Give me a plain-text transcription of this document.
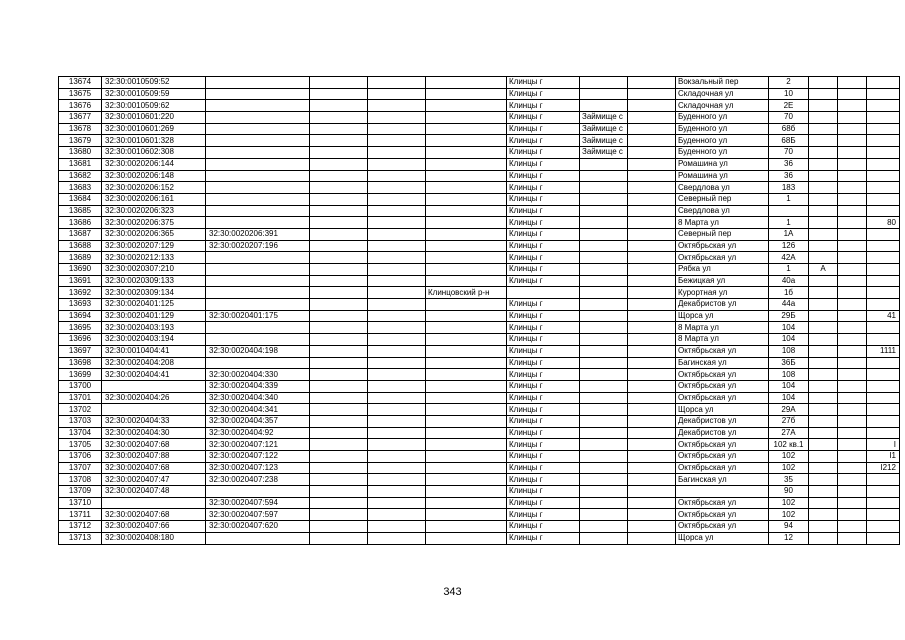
13674	32:30:0010509:52					Клинцы г			Вокзальный пер	2			
13675	32:30:0010509:59					Клинцы г			Складочная ул	10			
13676	32:30:0010509:62					Клинцы г			Складочная ул	2Е			
13677	32:30:0010601:220					Клинцы г	Займище с		Буденного ул	70			
13678	32:30:0010601:269					Клинцы г	Займище с		Буденного ул	68б			
13679	32:30:0010601:328					Клинцы г	Займище с		Буденного ул	68Б			
13680	32:30:0010602:308					Клинцы г	Займище с		Буденного ул	70			
13681	32:30:0020206:144					Клинцы г			Ромашина ул	36			
13682	32:30:0020206:148					Клинцы г			Ромашина ул	36			
13683	32:30:0020206:152					Клинцы г			Свердлова ул	183			
13684	32:30:0020206:161					Клинцы г			Северный пер	1			
13685	32:30:0020206:323					Клинцы г			Свердлова ул				
13686	32:30:0020206:375					Клинцы г			8 Марта ул	1			80
13687	32:30:0020206:365	32:30:0020206:391				Клинцы г			Северный пер	1А			
13688	32:30:0020207:129	32:30:0020207:196				Клинцы г			Октябрьская ул	126			
13689	32:30:0020212:133					Клинцы г			Октябрьская ул	42А			
13690	32:30:0020307:210					Клинцы г			Рябка ул	1	А		
13691	32:30:0020309:133					Клинцы г			Бежицкая ул	40а			
13692	32:30:0020309:134				Клинцовский р-н				Курортная ул	1б			
13693	32:30:0020401:125					Клинцы г			Декабристов ул	44а			
13694	32:30:0020401:129	32:30:0020401:175				Клинцы г			Щорса ул	29Б			41
13695	32:30:0020403:193					Клинцы г			8 Марта ул	104			
13696	32:30:0020403:194					Клинцы г			8 Марта ул	104			
13697	32:30:0010404:41	32:30:0020404:198				Клинцы г			Октябрьская ул	108			1111
13698	32:30:0020404:208					Клинцы г			Багинская ул	36Б			
13699	32:30:0020404:41	32:30:0020404:330				Клинцы г			Октябрьская ул	108			
13700		32:30:0020404:339				Клинцы г			Октябрьская ул	104			
13701	32:30:0020404:26	32:30:0020404:340				Клинцы г			Октябрьская ул	104			
13702		32:30:0020404:341				Клинцы г			Щорса ул	29А			
13703	32:30:0020404:33	32:30:0020404:357				Клинцы г			Декабристов ул	27б			
13704	32:30:0020404:30	32:30:0020404:92				Клинцы г			Декабристов ул	27А			
13705	32:30:0020407:68	32:30:0020407:121				Клинцы г			Октябрьская ул	102 кв.1			I
13706	32:30:0020407:88	32:30:0020407:122				Клинцы г			Октябрьская ул	102			I1
13707	32:30:0020407:68	32:30:0020407:123				Клинцы г			Октябрьская ул	102			I212
13708	32:30:0020407:47	32:30:0020407:238				Клинцы г			Багинская ул	35			
13709	32:30:0020407:48					Клинцы г				90			
13710		32:30:0020407:594				Клинцы г			Октябрьская ул	102			
13711	32:30:0020407:68	32:30:0020407:597				Клинцы г			Октябрьская ул	102			
13712	32:30:0020407:66	32:30:0020407:620				Клинцы г			Октябрьская ул	94			
13713	32:30:0020408:180					Клинцы г			Щорса ул	12			
343
